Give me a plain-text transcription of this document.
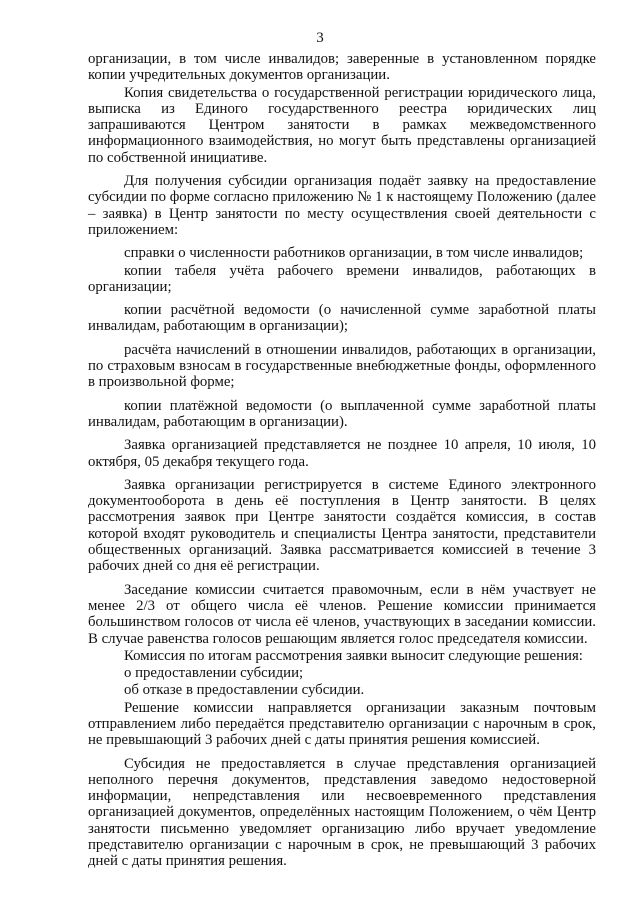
3

организации, в том числе инвалидов; заверенные в установленном порядке копии учредительных документов организации.

Копия свидетельства о государственной регистрации юридического лица, выписка из Единого государственного реестра юридических лиц запрашиваются Центром занятости в рамках межведомственного информационного взаимодействия, но могут быть представлены организацией по собственной инициативе.

Для получения субсидии организация подаёт заявку на предоставление субсидии по форме согласно приложению № 1 к настоящему Положению (далее – заявка) в Центр занятости по месту осуществления своей деятельности с приложением:

справки о численности работников организации, в том числе инвалидов;

копии табеля учёта рабочего времени инвалидов, работающих в организации;

копии расчётной ведомости (о начисленной сумме заработной платы инвалидам, работающим в организации);

расчёта начислений в отношении инвалидов, работающих в организации, по страховым взносам в государственные внебюджетные фонды, оформленного в произвольной форме;

копии платёжной ведомости (о выплаченной сумме заработной платы инвалидам, работающим в организации).

Заявка организацией представляется не позднее 10 апреля, 10 июля, 10 октября, 05 декабря текущего года.

Заявка организации регистрируется в системе Единого электронного документооборота в день её поступления в Центр занятости. В целях рассмотрения заявок при Центре занятости создаётся комиссия, в состав которой входят руководитель и специалисты Центра занятости, представители общественных организаций. Заявка рассматривается комиссией в течение 3 рабочих дней со дня её регистрации.

Заседание комиссии считается правомочным, если в нём участвует не менее 2/3 от общего числа её членов. Решение комиссии принимается большинством голосов от числа её членов, участвующих в заседании комиссии. В случае равенства голосов решающим является голос председателя комиссии.

Комиссия по итогам рассмотрения заявки выносит следующие решения:

о предоставлении субсидии;

об отказе в предоставлении субсидии.

Решение комиссии направляется организации заказным почтовым отправлением либо передаётся представителю организации с нарочным в срок, не превышающий 3 рабочих дней с даты принятия решения комиссией.

Субсидия не предоставляется в случае представления организацией неполного перечня документов, представления заведомо недостоверной информации, непредставления или несвоевременного представления организацией документов, определённых настоящим Положением, о чём Центр занятости письменно уведомляет организацию либо вручает уведомление представителю организации с нарочным в срок, не превышающий 3 рабочих дней с даты принятия решения.
